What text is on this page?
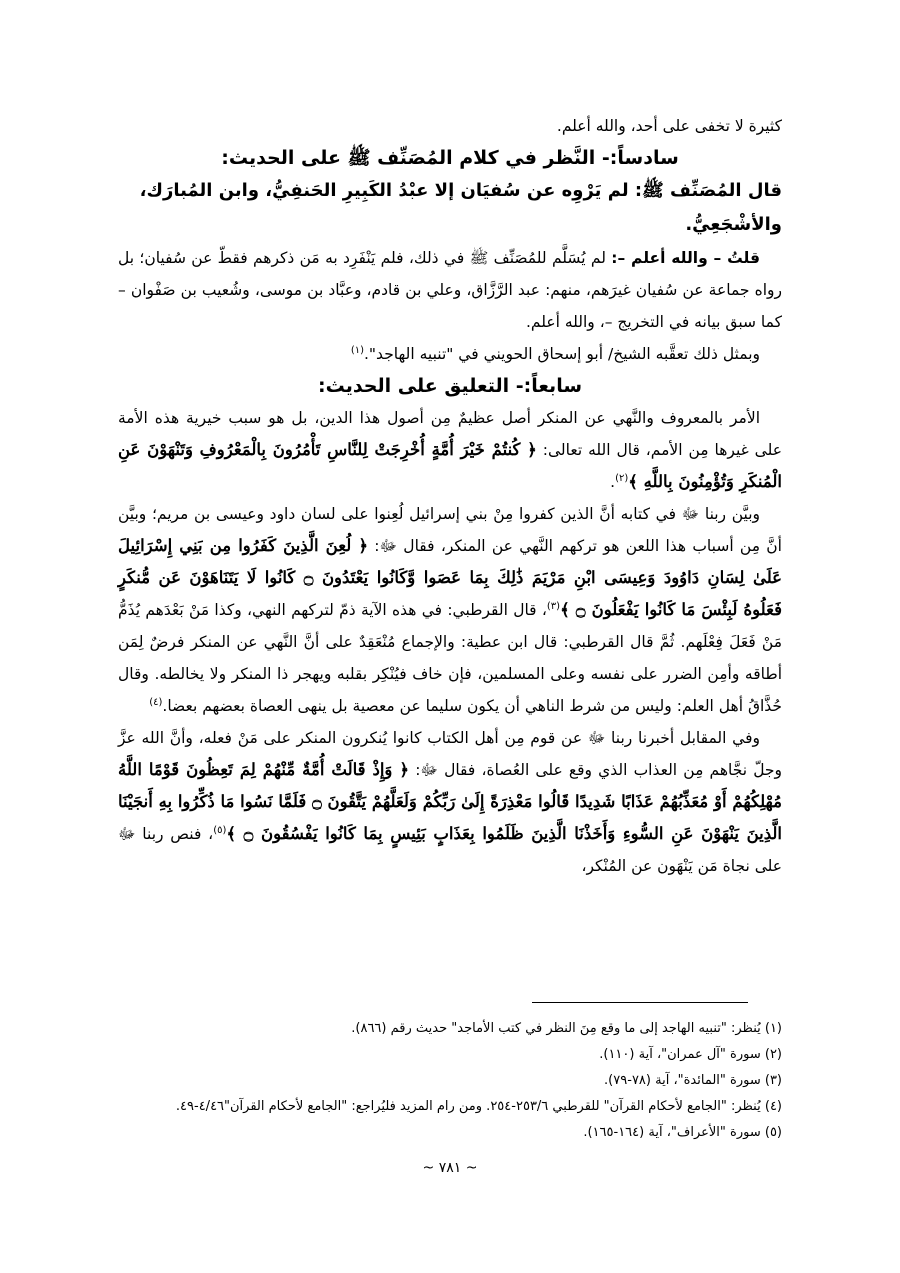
كثيرة لا تخفى على أحد، والله أعلم.

سادساً:- النَّظر في كلام المُصَنِّف ﷺ على الحديث:

قال المُصَنِّف ﷺ: لم يَرْوِه عن سُفيَان إلا عبْدُ الكَبِيرِ الحَنفِيُّ، وابن المُبارَك، والأشْجَعِيُّ.

قلتُ – والله أعلم –: لم يُسَلَّم للمُصَنِّف ﷺ في ذلك، فلم يَنْفَرِد به مَن ذكرهم فقطّ عن سُفيان؛ بل رواه جماعة عن سُفيان غيرَهم، منهم: عبد الرَّزَّاق، وعلي بن قادم، وعبَّاد بن موسى، وشُعيب بن صَفْوان – كما سبق بيانه في التخريج –، والله أعلم.

وبمثل ذلك تعقَّبه الشيخ/ أبو إسحاق الحويني في "تنبيه الهاجد".$^{(١)}$

سابعاً:- التعليق على الحديث:

الأمر بالمعروف والنَّهي عن المنكر أصل عظيمٌ مِن أصول هذا الدين، بل هو سبب خيرية هذه الأمة على غيرها مِن الأمم، قال الله تعالى: ﴿ كُنتُمْ خَيْرَ أُمَّةٍ أُخْرِجَتْ لِلنَّاسِ تَأْمُرُونَ بِالْمَعْرُوفِ وَتَنْهَوْنَ عَنِ الْمُنكَرِ وَتُؤْمِنُونَ بِاللَّهِ ﴾$^{(٢)}$.

وبيَّن ربنا ﷻ في كتابه أنَّ الذين كفروا مِنْ بني إسرائيل لُعِنوا على لسان داود وعيسى بن مريم؛ وبيَّن أنَّ مِن أسباب هذا اللعن هو تركهم النَّهي عن المنكر، فقال ﷻ: ﴿ لُعِنَ الَّذِينَ كَفَرُوا مِن بَنِي إِسْرَائِيلَ عَلَىٰ لِسَانِ دَاوُودَ وَعِيسَى ابْنِ مَرْيَمَ ذَٰلِكَ بِمَا عَصَوا وَّكَانُوا يَعْتَدُونَ ۝ كَانُوا لَا يَتَنَاهَوْنَ عَن مُّنكَرٍ فَعَلُوهُ لَبِئْسَ مَا كَانُوا يَفْعَلُونَ ۝ ﴾$^{(٣)}$، قال القرطبي: في هذه الآية ذمّ لتركهم النهي، وكذا مَنْ بَعْدَهم يُذَمُّ مَنْ فَعَلَ فِعْلَهم. ثُمَّ قال القرطبي: قال ابن عطية: والإجماع مُنْعَقِدٌ على أنَّ النَّهي عن المنكر فرضٌ لِمَن أطاقه وأمِن الضرر على نفسه وعلى المسلمين، فإن خاف فيُنْكِر بقلبه ويهجر ذا المنكر ولا يخالطه. وقال حُذَّاقُ أهل العلم: وليس من شرط الناهي أن يكون سليما عن معصية بل ينهى العصاة بعضهم بعضا.$^{(٤)}$

وفي المقابل أخبرنا ربنا ﷻ عن قوم مِن أهل الكتاب كانوا يُنكرون المنكر على مَنْ فعله، وأنَّ الله عزَّ وجلّ نجَّاهم مِن العذاب الذي وقع على العُصاة، فقال ﷻ: ﴿ وَإِذْ قَالَتْ أُمَّةٌ مِّنْهُمْ لِمَ تَعِظُونَ قَوْمًا اللَّهُ مُهْلِكُهُمْ أَوْ مُعَذِّبُهُمْ عَذَابًا شَدِيدًا قَالُوا مَعْذِرَةً إِلَىٰ رَبِّكُمْ وَلَعَلَّهُمْ يَتَّقُونَ ۝ فَلَمَّا نَسُوا مَا ذُكِّرُوا بِهِ أَنجَيْنَا الَّذِينَ يَنْهَوْنَ عَنِ السُّوءِ وَأَخَذْنَا الَّذِينَ ظَلَمُوا بِعَذَابٍ بَئِيسٍ بِمَا كَانُوا يَفْسُقُونَ ۝ ﴾$^{(٥)}$، فنص ربنا ﷻ على نجاة مَن يَنْهَون عن المُنْكر،

(١) يُنظر: "تنبيه الهاجد إلى ما وقع مِنَ النظر في كتب الأماجد" حديث رقم (٨٦٦).
(٢) سورة "آل عمران"، آية (١١٠).
(٣) سورة "المائدة"، آية (٧٨-٧٩).
(٤) يُنظر: "الجامع لأحكام القرآن" للقرطبي ٢٥٣/٦-٢٥٤. ومن رام المزيد فليُراجع: "الجامع لأحكام القرآن"٤/٤٦-٤٩.
(٥) سورة "الأعراف"، آية (١٦٤-١٦٥).
~ ٧٨١ ~
